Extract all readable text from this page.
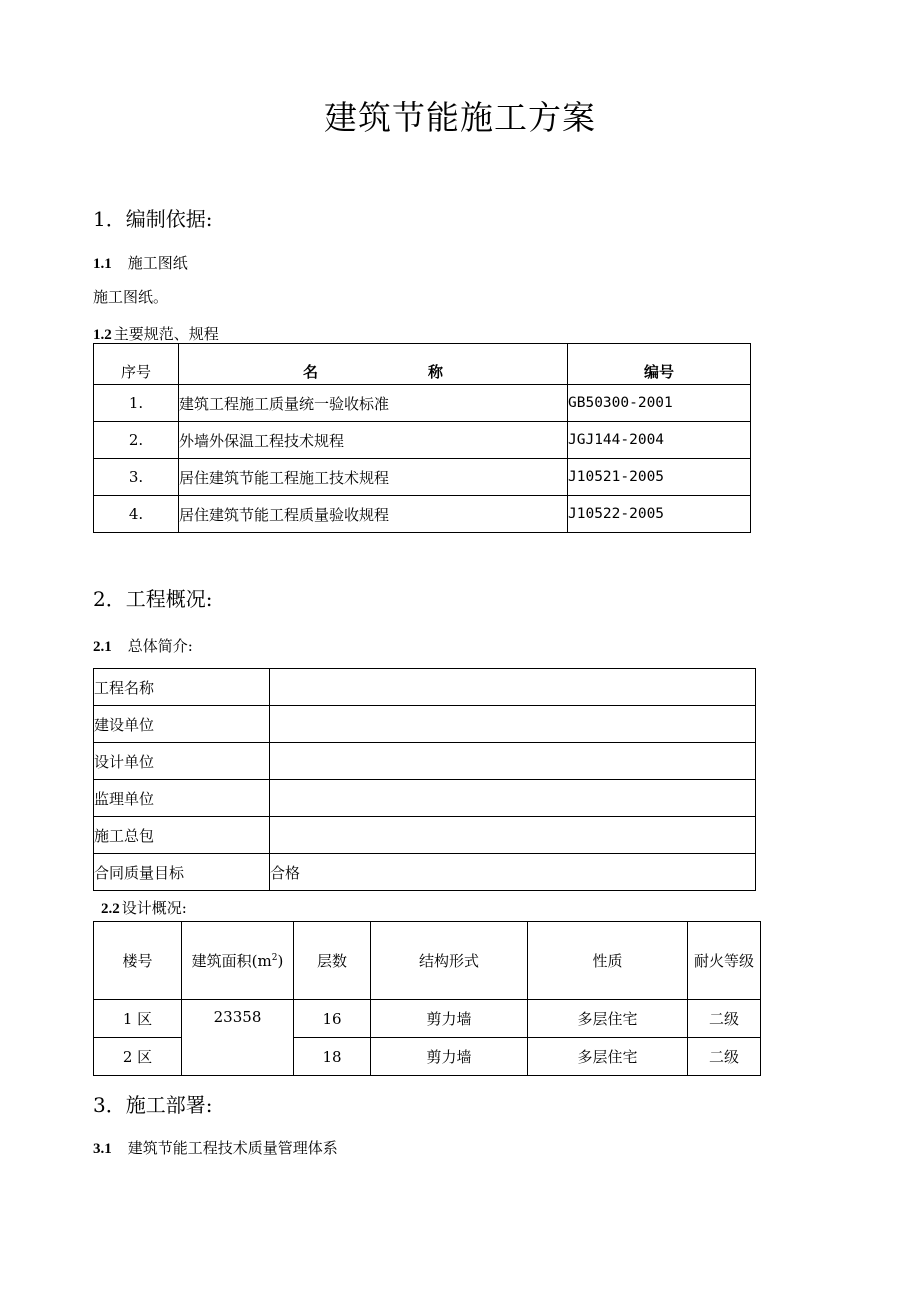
建筑节能施工方案
1．编制依据:
1.1 施工图纸
施工图纸。
1.2 主要规范、规程
序号	名 称	编号
1.	建筑工程施工质量统一验收标准	GB50300-2001
2.	外墙外保温工程技术规程	JGJ144-2004
3.	居住建筑节能工程施工技术规程	J10521-2005
4.	居住建筑节能工程质量验收规程	J10522-2005
2．工程概况:
2.1 总体简介:
工程名称	
建设单位	
设计单位	
监理单位	
施工总包	
合同质量目标	合格
2.2 设计概况:
楼号	建筑面积$(m^2)$	层数	结构形式	性质	耐火等级
1 区	23358	16	剪力墙	多层住宅	二级
2 区		18	剪力墙	多层住宅	二级
3．施工部署:
3.1 建筑节能工程技术质量管理体系
